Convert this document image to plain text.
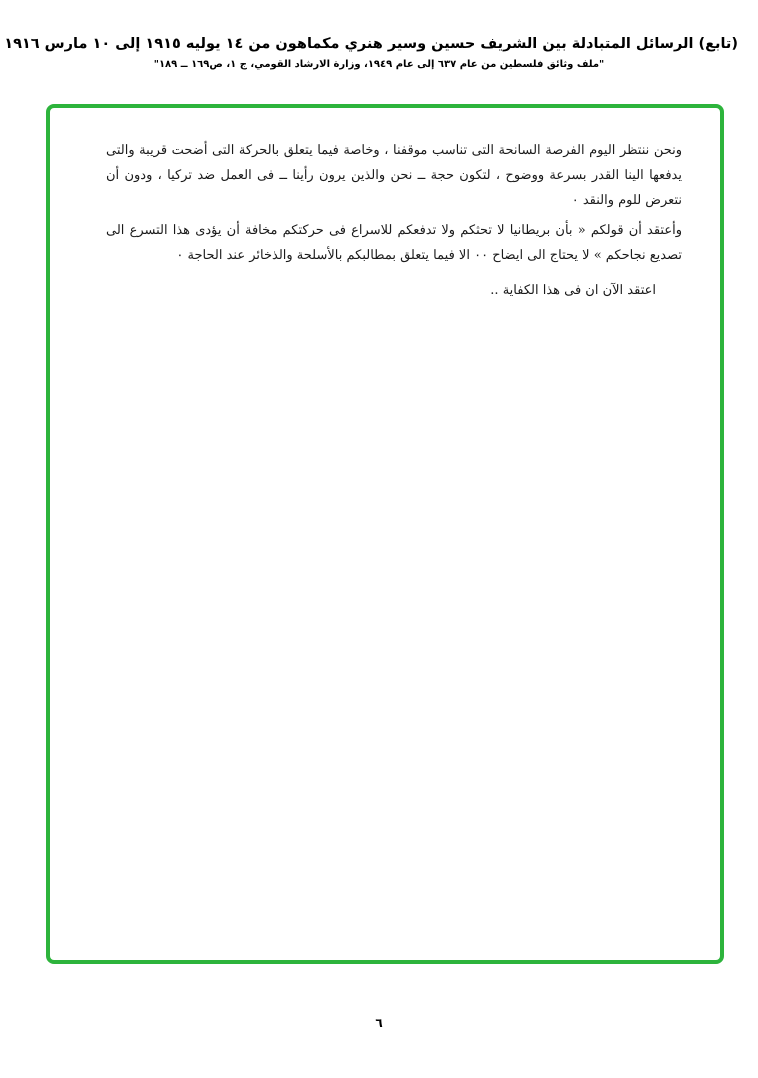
(تابع) الرسائل المتبادلة بين الشريف حسين وسير هنري مكماهون من ١٤ يوليه ١٩١٥ إلى ١٠ مارس ١٩١٦
"ملف وثائق فلسطين من عام ٦٣٧ إلى عام ١٩٤٩، وزارة الارشاد القومي، ج ١، ص١٦٩ ــ ١٨٩"

ونحن ننتظر اليوم الفرصة السانحة التى تناسب موقفنا ، وخاصة فيما يتعلق بالحركة التى أضحت قريبة والتى يدفعها الينا القدر بسرعة ووضوح ، لتكون حجة ــ نحن والذين يرون رأينا ــ فى العمل ضد تركيا ، ودون أن نتعرض للوم والنقد ٠

وأعتقد أن قولكم « بأن بريطانيا لا تحثكم ولا تدفعكم للاسراع فى حركتكم مخافة أن يؤدى هذا التسرع الى تصديع نجاحكم » لا يحتاج الى ايضاح ٠٠ الا فيما يتعلق بمطالبكم بالأسلحة والذخائر عند الحاجة ٠

اعتقد الآن ان فى هذا الكفاية ..

٦
